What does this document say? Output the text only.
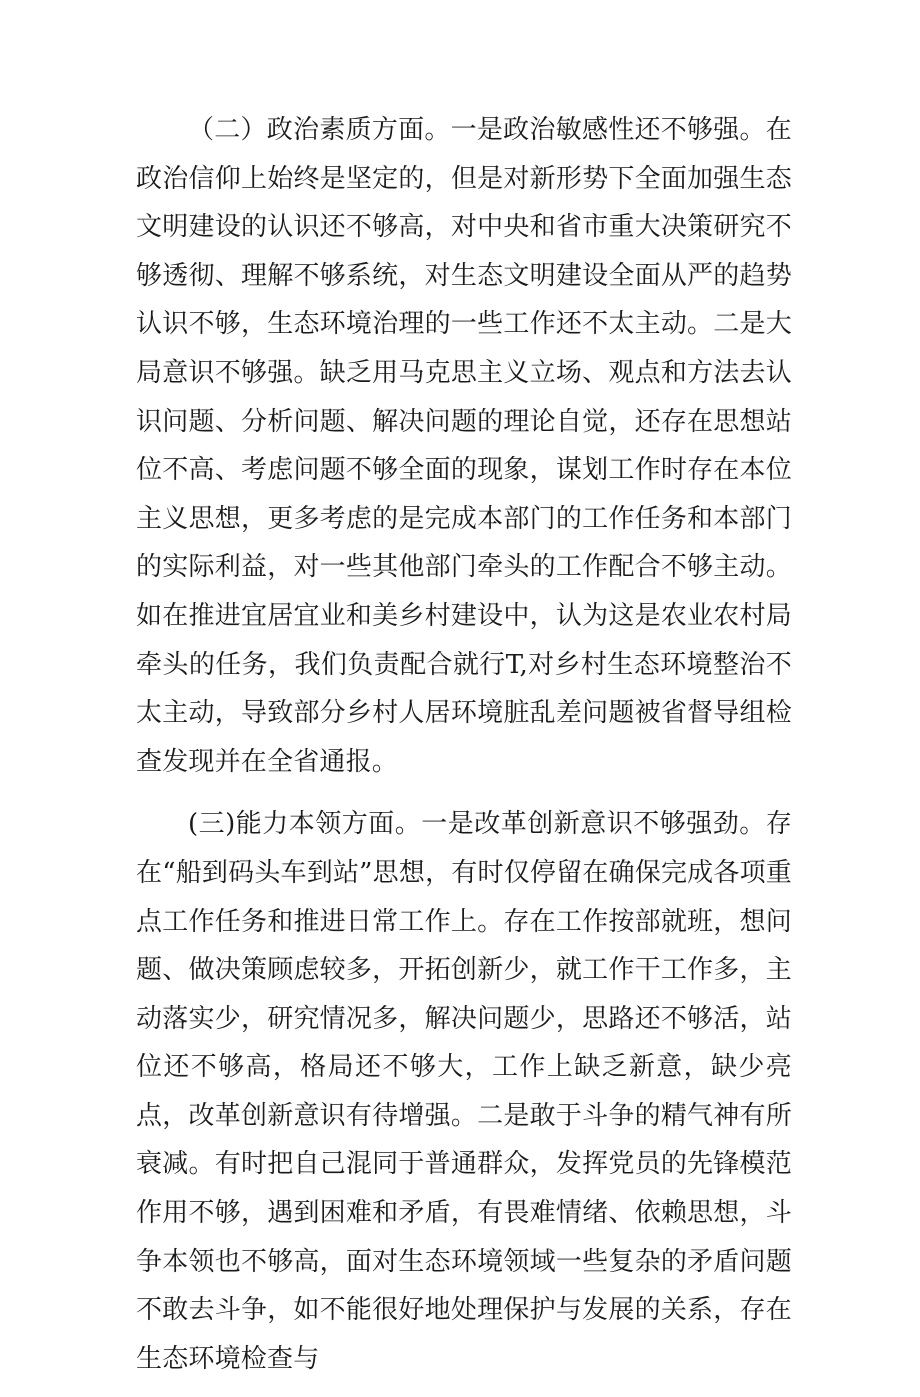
（二）政治素质方面。一是政治敏感性还不够强。在政治信仰上始终是坚定的，但是对新形势下全面加强生态文明建设的认识还不够高，对中央和省市重大决策研究不够透彻、理解不够系统，对生态文明建设全面从严的趋势认识不够，生态环境治理的一些工作还不太主动。二是大局意识不够强。缺乏用马克思主义立场、观点和方法去认识问题、分析问题、解决问题的理论自觉，还存在思想站位不高、考虑问题不够全面的现象，谋划工作时存在本位主义思想，更多考虑的是完成本部门的工作任务和本部门的实际利益，对一些其他部门牵头的工作配合不够主动。如在推进宜居宜业和美乡村建设中，认为这是农业农村局牵头的任务，我们负责配合就行T,对乡村生态环境整治不太主动，导致部分乡村人居环境脏乱差问题被省督导组检查发现并在全省通报。

(三)能力本领方面。一是改革创新意识不够强劲。存在“船到码头车到站”思想，有时仅停留在确保完成各项重点工作任务和推进日常工作上。存在工作按部就班，想问题、做决策顾虑较多，开拓创新少，就工作干工作多，主动落实少，研究情况多，解决问题少，思路还不够活，站位还不够高，格局还不够大，工作上缺乏新意，缺少亮点，改革创新意识有待增强。二是敢于斗争的精气神有所衰减。有时把自己混同于普通群众，发挥党员的先锋模范作用不够，遇到困难和矛盾，有畏难情绪、依赖思想，斗争本领也不够高，面对生态环境领域一些复杂的矛盾问题不敢去斗争，如不能很好地处理保护与发展的关系，存在生态环境检查与
